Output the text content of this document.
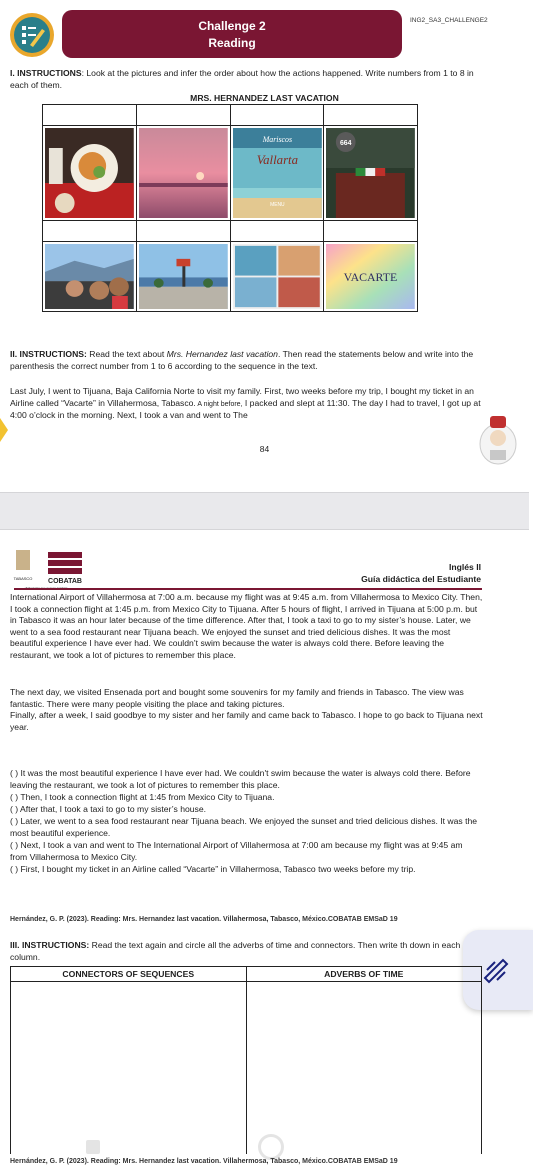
Challenge 2
Reading
ING2_SA3_CHALLENGE2
I. INSTRUCTIONS: Look at the pictures and infer the order about how the actions happened. Write numbers from 1 to 8 in each of them.
MRS. HERNANDEZ LAST VACATION
Mariscos
Vallarta
MENU
664
VACARTE
II. INSTRUCTIONS: Read the text about Mrs. Hernandez last vacation. Then read the statements below and write into the parenthesis the correct number from 1 to 6 according to the sequence in the text.
Last July, I went to Tijuana, Baja California Norte to visit my family. First, two weeks before my trip, I bought my ticket in an Airline called “Vacarte” in Villahermosa, Tabasco. A night before, I packed and slept at 11:30. The day I had to travel, I got up at 4:00 o’clock in the morning. Next, I took a van and went to The
84
COBATAB
TABASCO
Inglés II
Guía didáctica del Estudiante
International Airport of Villahermosa at 7:00 a.m. because my flight was at 9:45 a.m. from Villahermosa to Mexico City. Then, I took a connection flight at 1:45 p.m. from Mexico City to Tijuana. After 5 hours of flight, I arrived in Tijuana at 5:00 p.m. but in Tabasco it was an hour later because of the time difference. After that, I took a taxi to go to my sister’s house. Later, we went to a sea food restaurant near Tijuana beach. We enjoyed the sunset and tried delicious dishes. It was the most beautiful experience I have ever had. We couldn’t swim because the water is always cold there. Before leaving the restaurant, we took a lot of pictures to remember this place.
The next day, we visited Ensenada port and bought some souvenirs for my family and friends in Tabasco. The view was fantastic. There were many people visiting the place and taking pictures.
Finally, after a week, I said goodbye to my sister and her family and came back to Tabasco. I hope to go back to Tijuana next year.
( ) It was the most beautiful experience I have ever had. We couldn't swim because the water is always cold there. Before leaving the restaurant, we took a lot of pictures to remember this place.
( ) Then, I took a connection flight at 1:45 from Mexico City to Tijuana.
( ) After that, I took a taxi to go to my sister’s house.
( ) Later, we went to a sea food restaurant near Tijuana beach. We enjoyed the sunset and tried delicious dishes. It was the most beautiful experience.
( ) Next, I took a van and went to The International Airport of Villahermosa at 7:00 am because my flight was at 9:45 am from Villahermosa to Mexico City.
( ) First, I bought my ticket in an Airline called “Vacarte” in Villahermosa, Tabasco two weeks before my trip.
Hernández, G. P. (2023). Reading: Mrs. Hernandez last vacation. Villahermosa, Tabasco, México.COBATAB EMSaD 19
III. INSTRUCTIONS: Read the text again and circle all the adverbs of time and connectors. Then write th down in each column.
CONNECTORS OF SEQUENCES	ADVERBS OF TIME
Hernández, G. P. (2023). Reading: Mrs. Hernandez last vacation. Villahermosa, Tabasco, México.COBATAB EMSaD 19
